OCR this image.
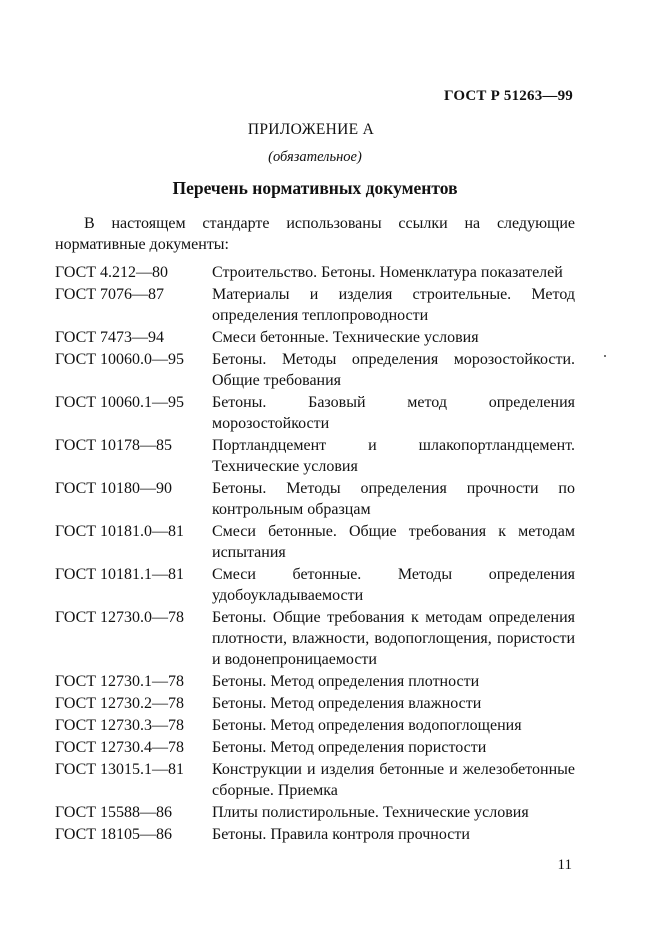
ГОСТ Р 51263—99
ПРИЛОЖЕНИЕ А
(обязательное)
Перечень нормативных документов
В настоящем стандарте использованы ссылки на следующие нормативные документы:
ГОСТ 4.212—80	Строительство. Бетоны. Номенклатура показателей
ГОСТ 7076—87	Материалы и изделия строительные. Метод определения теплопроводности
ГОСТ 7473—94	Смеси бетонные. Технические условия
ГОСТ 10060.0—95	Бетоны. Методы определения морозостойкости. Общие требования
ГОСТ 10060.1—95	Бетоны. Базовый метод определения морозостойкости
ГОСТ 10178—85	Портландцемент и шлакопортландцемент. Технические условия
ГОСТ 10180—90	Бетоны. Методы определения прочности по контрольным образцам
ГОСТ 10181.0—81	Смеси бетонные. Общие требования к методам испытания
ГОСТ 10181.1—81	Смеси бетонные. Методы определения удобоукладываемости
ГОСТ 12730.0—78	Бетоны. Общие требования к методам определения плотности, влажности, водопоглощения, пористости и водонепроницаемости
ГОСТ 12730.1—78	Бетоны. Метод определения плотности
ГОСТ 12730.2—78	Бетоны. Метод определения влажности
ГОСТ 12730.3—78	Бетоны. Метод определения водопоглощения
ГОСТ 12730.4—78	Бетоны. Метод определения пористости
ГОСТ 13015.1—81	Конструкции и изделия бетонные и железобетонные сборные. Приемка
ГОСТ 15588—86	Плиты полистирольные. Технические условия
ГОСТ 18105—86	Бетоны. Правила контроля прочности
11
